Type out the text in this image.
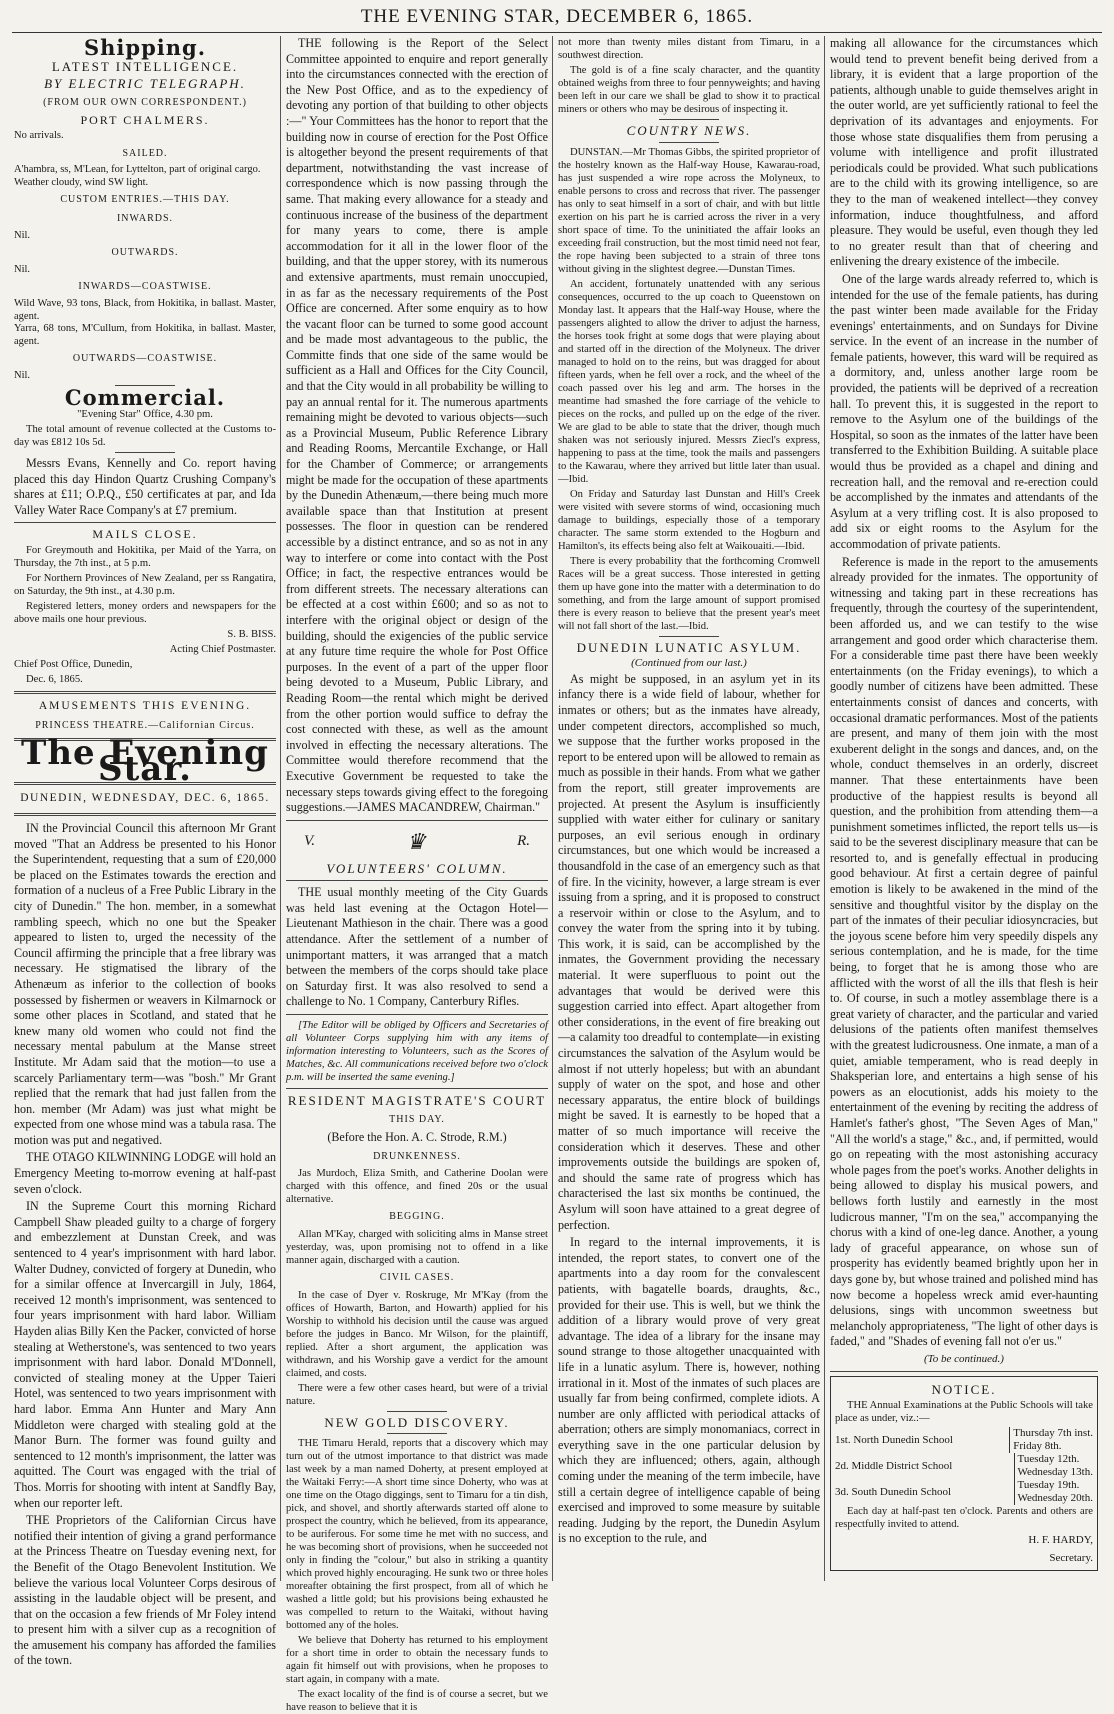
THE EVENING STAR, DECEMBER 6, 1865.
Shipping.
LATEST INTELLIGENCE.
BY ELECTRIC TELEGRAPH.
(FROM OUR OWN CORRESPONDENT.)
PORT CHALMERS.

No arrivals.

SAILED.

A'hambra, ss, M'Lean, for Lyttelton, part of original cargo.

Weather cloudy, wind SW light.

CUSTOM ENTRIES.—THIS DAY.
INWARDS.

Nil.

OUTWARDS.

Nil.

INWARDS—COASTWISE.

Wild Wave, 93 tons, Black, from Hokitika, in ballast. Master, agent.

Yarra, 68 tons, M'Cullum, from Hokitika, in ballast. Master, agent.

OUTWARDS—COASTWISE.

Nil.

Commercial.

"Evening Star" Office, 4.30 pm.

The total amount of revenue collected at the Customs to-day was £812 10s 5d.

Messrs Evans, Kennelly and Co. report having placed this day Hindon Quartz Crushing Company's shares at £11; O.P.Q., £50 certificates at par, and Ida Valley Water Race Company's at £7 premium.

MAILS CLOSE.

For Greymouth and Hokitika, per Maid of the Yarra, on Thursday, the 7th inst., at 5 p.m.

For Northern Provinces of New Zealand, per ss Rangatira, on Saturday, the 9th inst., at 4.30 p.m.

Registered letters, money orders and newspapers for the above mails one hour previous.

S. B. BISS.

Acting Chief Postmaster.

Chief Post Office, Dunedin,

Dec. 6, 1865.

AMUSEMENTS THIS EVENING.
PRINCESS THEATRE.—Californian Circus.
The Evening Star.
DUNEDIN, WEDNESDAY, DEC. 6, 1865.

IN the Provincial Council this afternoon Mr Grant moved "That an Address be presented to his Honor the Superintendent, requesting that a sum of £20,000 be placed on the Estimates towards the erection and formation of a nucleus of a Free Public Library in the city of Dunedin." The hon. member, in a somewhat rambling speech, which no one but the Speaker appeared to listen to, urged the necessity of the Council affirming the principle that a free library was necessary. He stigmatised the library of the Athenæum as inferior to the collection of books possessed by fishermen or weavers in Kilmarnock or some other places in Scotland, and stated that he knew many old women who could not find the necessary mental pabulum at the Manse street Institute. Mr Adam said that the motion—to use a scarcely Parliamentary term—was "bosh." Mr Grant replied that the remark that had just fallen from the hon. member (Mr Adam) was just what might be expected from one whose mind was a tabula rasa. The motion was put and negatived.

THE OTAGO KILWINNING LODGE will hold an Emergency Meeting to-morrow evening at half-past seven o'clock.

IN the Supreme Court this morning Richard Campbell Shaw pleaded guilty to a charge of forgery and embezzlement at Dunstan Creek, and was sentenced to 4 year's imprisonment with hard labor. Walter Dudney, convicted of forgery at Dunedin, who for a similar offence at Invercargill in July, 1864, received 12 month's imprisonment, was sentenced to four years imprisonment with hard labor. William Hayden alias Billy Ken the Packer, convicted of horse stealing at Wetherstone's, was sentenced to two years imprisonment with hard labor. Donald M'Donnell, convicted of stealing money at the Upper Taieri Hotel, was sentenced to two years imprisonment with hard labor. Emma Ann Hunter and Mary Ann Middleton were charged with stealing gold at the Manor Burn. The former was found guilty and sentenced to 12 month's imprisonment, the latter was aquitted. The Court was engaged with the trial of Thos. Morris for shooting with intent at Sandfly Bay, when our reporter left.

THE Proprietors of the Californian Circus have notified their intention of giving a grand performance at the Princess Theatre on Tuesday evening next, for the Benefit of the Otago Benevolent Institution. We believe the various local Volunteer Corps desirous of assisting in the laudable object will be present, and that on the occasion a few friends of Mr Foley intend to present him with a silver cup as a recognition of the amusement his company has afforded the families of the town.

THE following is the Report of the Select Committee appointed to enquire and report generally into the circumstances connected with the erection of the New Post Office, and as to the expediency of devoting any portion of that building to other objects :—" Your Committees has the honor to report that the building now in course of erection for the Post Office is altogether beyond the present requirements of that department, notwithstanding the vast increase of correspondence which is now passing through the same. That making every allowance for a steady and continuous increase of the business of the department for many years to come, there is ample accommodation for it all in the lower floor of the building, and that the upper storey, with its numerous and extensive apartments, must remain unoccupied, in as far as the necessary requirements of the Post Office are concerned. After some enquiry as to how the vacant floor can be turned to some good account and be made most advantageous to the public, the Committe finds that one side of the same would be sufficient as a Hall and Offices for the City Council, and that the City would in all probability be willing to pay an annual rental for it. The numerous apartments remaining might be devoted to various objects—such as a Provincial Museum, Public Reference Library and Reading Rooms, Mercantile Exchange, or Hall for the Chamber of Commerce; or arrangements might be made for the occupation of these apartments by the Dunedin Athenæum,—there being much more available space than that Institution at present possesses. The floor in question can be rendered accessible by a distinct entrance, and so as not in any way to interfere or come into contact with the Post Office; in fact, the respective entrances would be from different streets. The necessary alterations can be effected at a cost within £600; and so as not to interfere with the original object or design of the building, should the exigencies of the public service at any future time require the whole for Post Office purposes. In the event of a part of the upper floor being devoted to a Museum, Public Library, and Reading Room—the rental which might be derived from the other portion would suffice to defray the cost connected with these, as well as the amount involved in effecting the necessary alterations. The Committee would therefore recommend that the Executive Government be requested to take the necessary steps towards giving effect to the foregoing suggestions.—JAMES MACANDREW, Chairman."

V.	♛	R.
VOLUNTEERS' COLUMN.

THE usual monthly meeting of the City Guards was held last evening at the Octagon Hotel—Lieutenant Mathieson in the chair. There was a good attendance. After the settlement of a number of unimportant matters, it was arranged that a match between the members of the corps should take place on Saturday first. It was also resolved to send a challenge to No. 1 Company, Canterbury Rifles.

[The Editor will be obliged by Officers and Secretaries of all Volunteer Corps supplying him with any items of information interesting to Volunteers, such as the Scores of Matches, &c. All communications received before two o'clock p.m. will be inserted the same evening.]

RESIDENT MAGISTRATE'S COURT
THIS DAY.

(Before the Hon. A. C. Strode, R.M.)

DRUNKENNESS.

Jas Murdoch, Eliza Smith, and Catherine Doolan were charged with this offence, and fined 20s or the usual alternative.

BEGGING.

Allan M'Kay, charged with soliciting alms in Manse street yesterday, was, upon promising not to offend in a like manner again, discharged with a caution.

CIVIL CASES.

In the case of Dyer v. Roskruge, Mr M'Kay (from the offices of Howarth, Barton, and Howarth) applied for his Worship to withhold his decision until the cause was argued before the judges in Banco. Mr Wilson, for the plaintiff, replied. After a short argument, the application was withdrawn, and his Worship gave a verdict for the amount claimed, and costs.

There were a few other cases heard, but were of a trivial nature.

NEW GOLD DISCOVERY.

THE Timaru Herald, reports that a discovery which may turn out of the utmost importance to that district was made last week by a man named Doherty, at present employed at the Waitaki Ferry:—A short time since Doherty, who was at one time on the Otago diggings, sent to Timaru for a tin dish, pick, and shovel, and shortly afterwards started off alone to prospect the country, which he believed, from its appearance, to be auriferous. For some time he met with no success, and he was becoming short of provisions, when he succeeded not only in finding the "colour," but also in striking a quantity which proved highly encouraging. He sunk two or three holes moreafter obtaining the first prospect, from all of which he washed a little gold; but his provisions being exhausted he was compelled to return to the Waitaki, without having bottomed any of the holes.

We believe that Doherty has returned to his employment for a short time in order to obtain the necessary funds to again fit himself out with provisions, when he proposes to start again, in company with a mate.

The exact locality of the find is of course a secret, but we have reason to believe that it is

not more than twenty miles distant from Timaru, in a southwest direction.

The gold is of a fine scaly character, and the quantity obtained weighs from three to four pennyweights; and having been left in our care we shall be glad to show it to practical miners or others who may be desirous of inspecting it.

COUNTRY NEWS.

DUNSTAN.—Mr Thomas Gibbs, the spirited proprietor of the hostelry known as the Half-way House, Kawarau-road, has just suspended a wire rope across the Molyneux, to enable persons to cross and recross that river. The passenger has only to seat himself in a sort of chair, and with but little exertion on his part he is carried across the river in a very short space of time. To the uninitiated the affair looks an exceeding frail construction, but the most timid need not fear, the rope having been subjected to a strain of three tons without giving in the slightest degree.—Dunstan Times.

An accident, fortunately unattended with any serious consequences, occurred to the up coach to Queenstown on Monday last. It appears that the Half-way House, where the passengers alighted to allow the driver to adjust the harness, the horses took fright at some dogs that were playing about and started off in the direction of the Molyneux. The driver managed to hold on to the reins, but was dragged for about fifteen yards, when he fell over a rock, and the wheel of the coach passed over his leg and arm. The horses in the meantime had smashed the fore carriage of the vehicle to pieces on the rocks, and pulled up on the edge of the river. We are glad to be able to state that the driver, though much shaken was not seriously injured. Messrs Ziecl's express, happening to pass at the time, took the mails and passengers to the Kawarau, where they arrived but little later than usual.—Ibid.

On Friday and Saturday last Dunstan and Hill's Creek were visited with severe storms of wind, occasioning much damage to buildings, especially those of a temporary character. The same storm extended to the Hogburn and Hamilton's, its effects being also felt at Waikouaiti.—Ibid.

There is every probability that the forthcoming Cromwell Races will be a great success. Those interested in getting them up have gone into the matter with a determination to do something, and from the large amount of support promised there is every reason to believe that the present year's meet will not fall short of the last.—Ibid.

DUNEDIN LUNATIC ASYLUM.
(Continued from our last.)

As might be supposed, in an asylum yet in its infancy there is a wide field of labour, whether for inmates or others; but as the inmates have already, under competent directors, accomplished so much, we suppose that the further works proposed in the report to be entered upon will be allowed to remain as much as possible in their hands. From what we gather from the report, still greater improvements are projected. At present the Asylum is insufficiently supplied with water either for culinary or sanitary purposes, an evil serious enough in ordinary circumstances, but one which would be increased a thousandfold in the case of an emergency such as that of fire. In the vicinity, however, a large stream is ever issuing from a spring, and it is proposed to construct a reservoir within or close to the Asylum, and to convey the water from the spring into it by tubing. This work, it is said, can be accomplished by the inmates, the Government providing the necessary material. It were superfluous to point out the advantages that would be derived were this suggestion carried into effect. Apart altogether from other considerations, in the event of fire breaking out—a calamity too dreadful to contemplate—in existing circumstances the salvation of the Asylum would be almost if not utterly hopeless; but with an abundant supply of water on the spot, and hose and other necessary apparatus, the entire block of buildings might be saved. It is earnestly to be hoped that a matter of so much importance will receive the consideration which it deserves. These and other improvements outside the buildings are spoken of, and should the same rate of progress which has characterised the last six months be continued, the Asylum will soon have attained to a great degree of perfection.

In regard to the internal improvements, it is intended, the report states, to convert one of the apartments into a day room for the convalescent patients, with bagatelle boards, draughts, &c., provided for their use. This is well, but we think the addition of a library would prove of very great advantage. The idea of a library for the insane may sound strange to those altogether unacquainted with life in a lunatic asylum. There is, however, nothing irrational in it. Most of the inmates of such places are usually far from being confirmed, complete idiots. A number are only afflicted with periodical attacks of aberration; others are simply monomaniacs, correct in everything save in the one particular delusion by which they are influenced; others, again, although coming under the meaning of the term imbecile, have still a certain degree of intelligence capable of being exercised and improved to some measure by suitable reading. Judging by the report, the Dunedin Asylum is no exception to the rule, and

making all allowance for the circumstances which would tend to prevent benefit being derived from a library, it is evident that a large proportion of the patients, although unable to guide themselves aright in the outer world, are yet sufficiently rational to feel the deprivation of its advantages and enjoyments. For those whose state disqualifies them from perusing a volume with intelligence and profit illustrated periodicals could be provided. What such publications are to the child with its growing intelligence, so are they to the man of weakened intellect—they convey information, induce thoughtfulness, and afford pleasure. They would be useful, even though they led to no greater result than that of cheering and enlivening the dreary existence of the imbecile.

One of the large wards already referred to, which is intended for the use of the female patients, has during the past winter been made available for the Friday evenings' entertainments, and on Sundays for Divine service. In the event of an increase in the number of female patients, however, this ward will be required as a dormitory, and, unless another large room be provided, the patients will be deprived of a recreation hall. To prevent this, it is suggested in the report to remove to the Asylum one of the buildings of the Hospital, so soon as the inmates of the latter have been transferred to the Exhibition Building. A suitable place would thus be provided as a chapel and dining and recreation hall, and the removal and re-erection could be accomplished by the inmates and attendants of the Asylum at a very trifling cost. It is also proposed to add six or eight rooms to the Asylum for the accommodation of private patients.

Reference is made in the report to the amusements already provided for the inmates. The opportunity of witnessing and taking part in these recreations has frequently, through the courtesy of the superintendent, been afforded us, and we can testify to the wise arrangement and good order which characterise them. For a considerable time past there have been weekly entertainments (on the Friday evenings), to which a goodly number of citizens have been admitted. These entertainments consist of dances and concerts, with occasional dramatic performances. Most of the patients are present, and many of them join with the most exuberent delight in the songs and dances, and, on the whole, conduct themselves in an orderly, discreet manner. That these entertainments have been productive of the happiest results is beyond all question, and the prohibition from attending them—a punishment sometimes inflicted, the report tells us—is said to be the severest disciplinary measure that can be resorted to, and is genefally effectual in producing good behaviour. At first a certain degree of painful emotion is likely to be awakened in the mind of the sensitive and thoughtful visitor by the display on the part of the inmates of their peculiar idiosyncracies, but the joyous scene before him very speedily dispels any serious contemplation, and he is made, for the time being, to forget that he is among those who are afflicted with the worst of all the ills that flesh is heir to. Of course, in such a motley assemblage there is a great variety of character, and the particular and varied delusions of the patients often manifest themselves with the greatest ludicrousness. One inmate, a man of a quiet, amiable temperament, who is read deeply in Shaksperian lore, and entertains a high sense of his powers as an elocutionist, adds his moiety to the entertainment of the evening by reciting the address of Hamlet's father's ghost, "The Seven Ages of Man," "All the world's a stage," &c., and, if permitted, would go on repeating with the most astonishing accuracy whole pages from the poet's works. Another delights in being allowed to display his musical powers, and bellows forth lustily and earnestly in the most ludicrous manner, "I'm on the sea," accompanying the chorus with a kind of one-leg dance. Another, a young lady of graceful appearance, on whose sun of prosperity has evidently beamed brightly upon her in days gone by, but whose trained and polished mind has now become a hopeless wreck amid ever-haunting delusions, sings with uncommon sweetness but melancholy appropriateness, "The light of other days is faded," and "Shades of evening fall not o'er us."

(To be continued.)

NOTICE.

THE Annual Examinations at the Public Schools will take place as under, viz.:—

1st. North Dunedin School
Thursday 7th inst.
Friday 8th.
2d. Middle District School
Tuesday 12th.
Wednesday 13th.
3d. South Dunedin School
Tuesday 19th.
Wednesday 20th.

Each day at half-past ten o'clock. Parents and others are respectfully invited to attend.

H. F. HARDY,

Secretary.
